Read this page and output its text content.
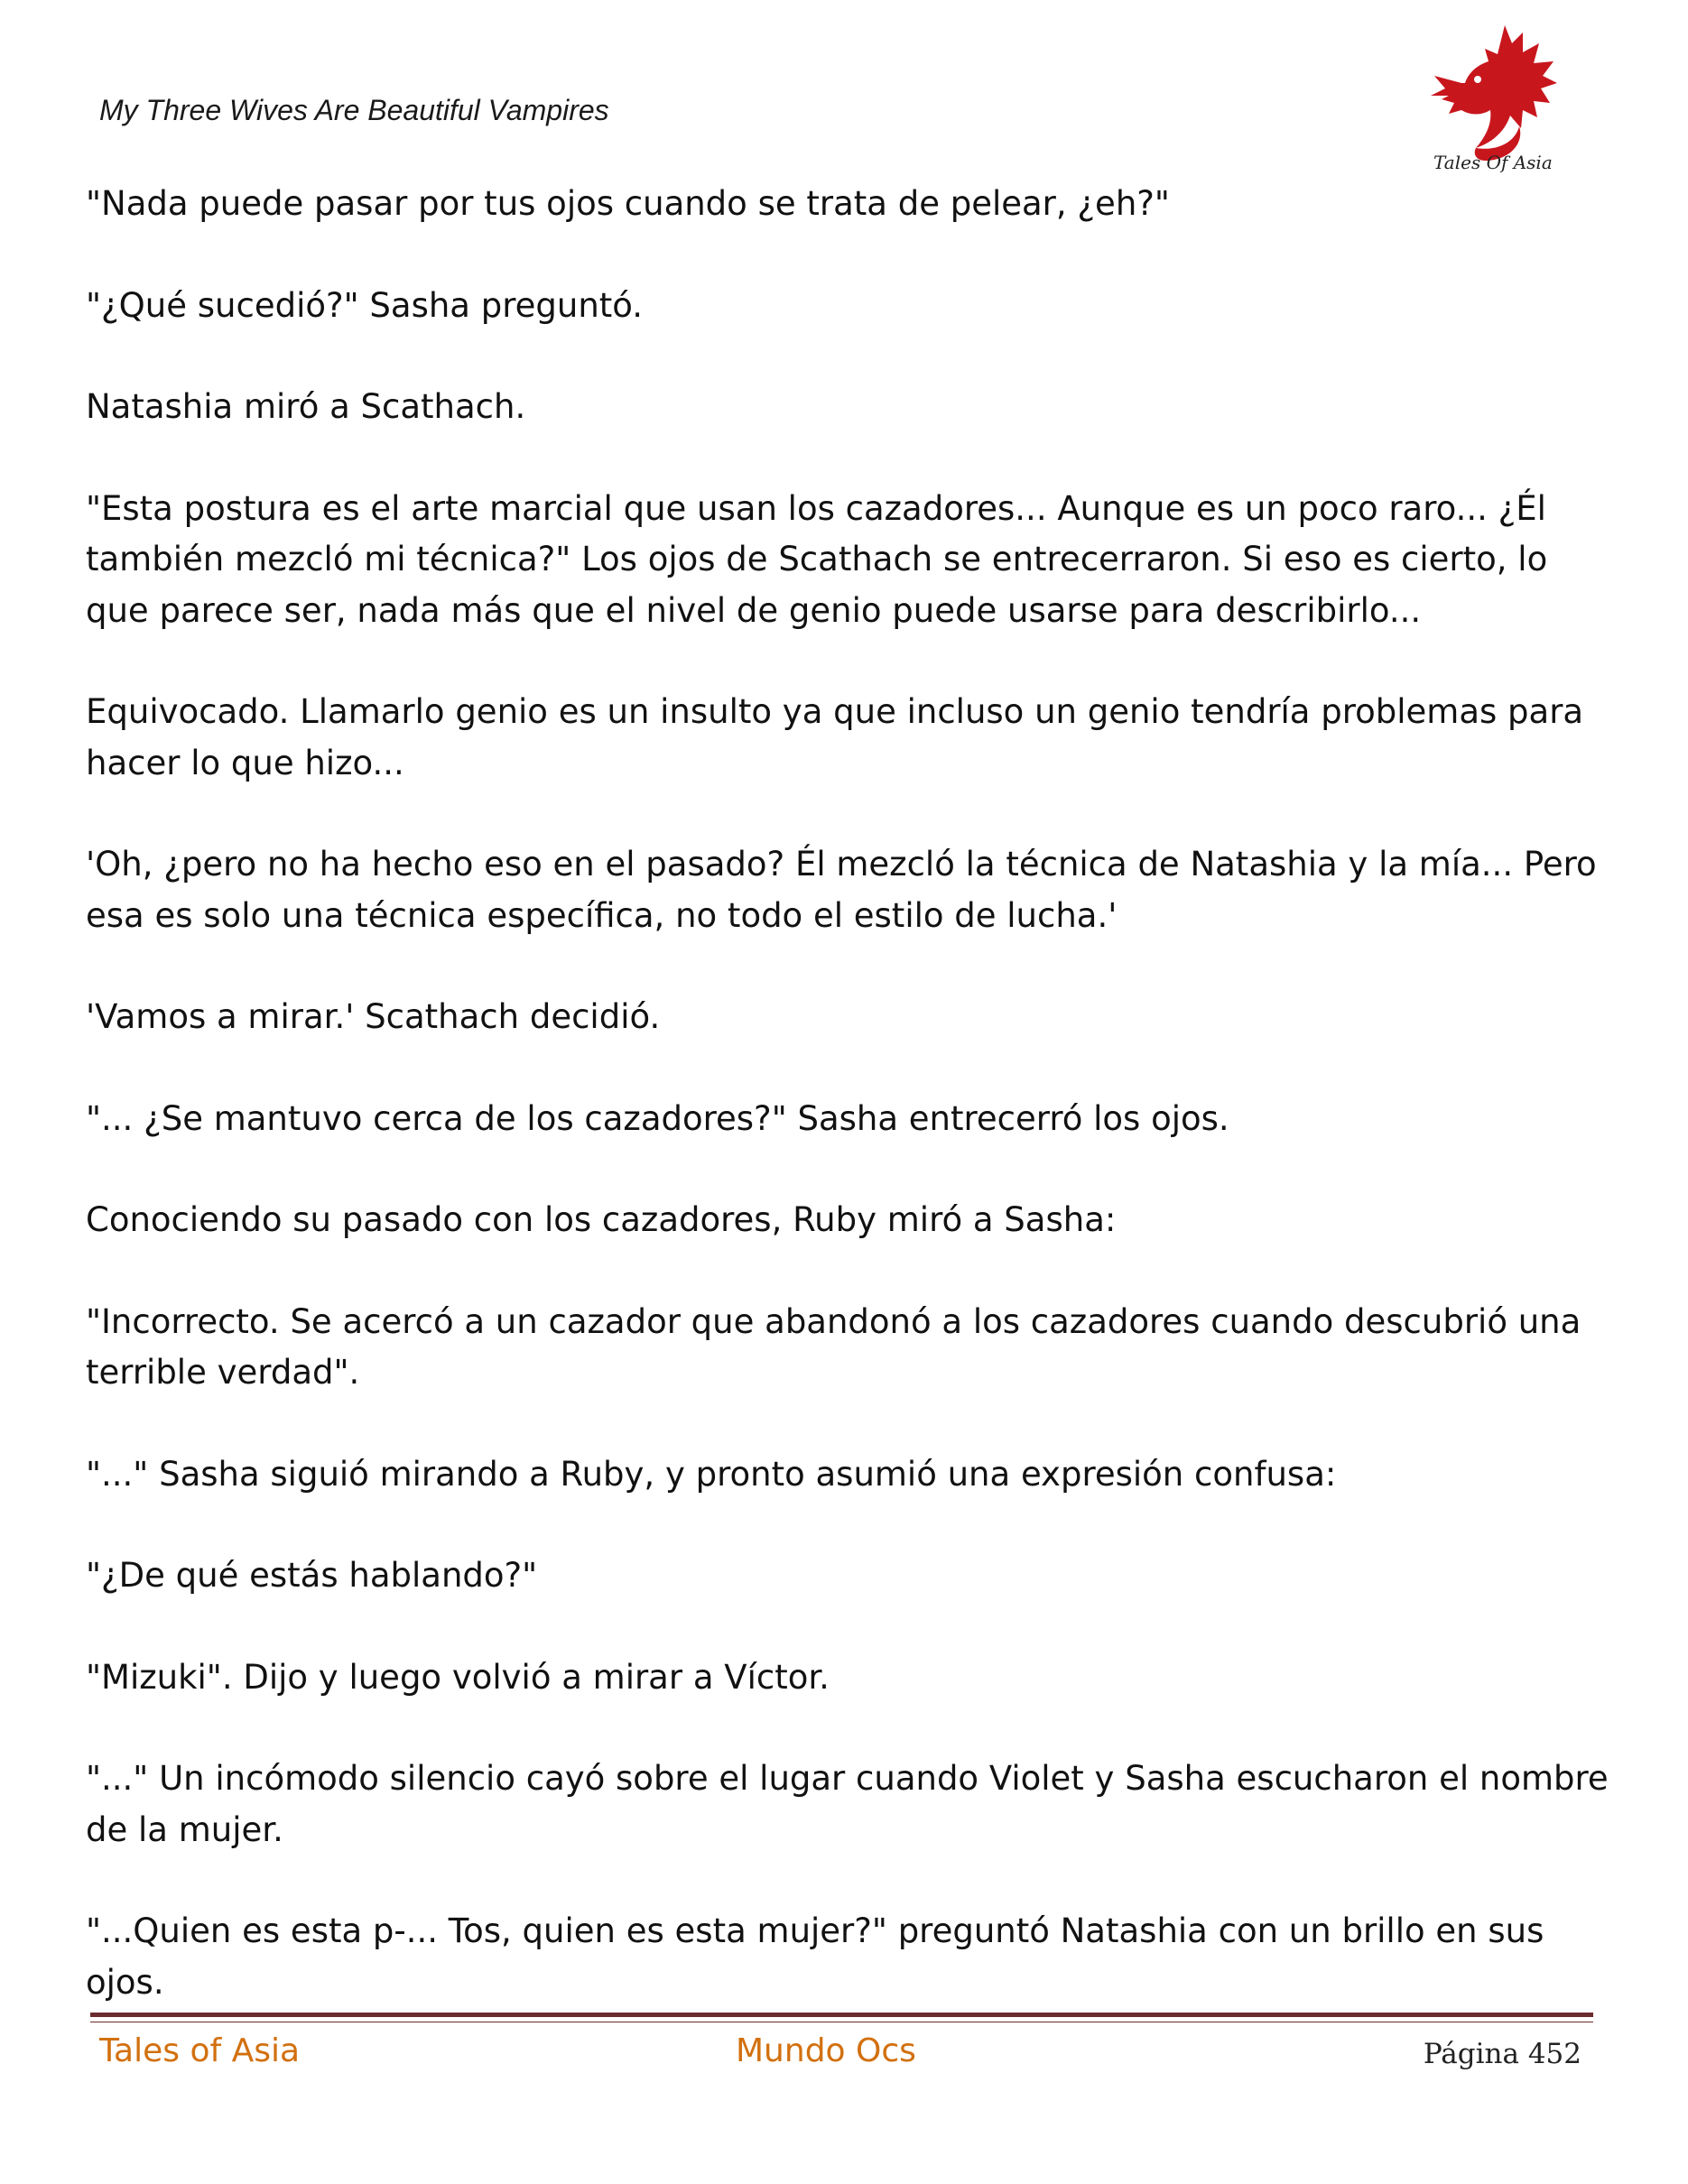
My Three Wives Are Beautiful Vampires
Tales Of Asia

"Nada puede pasar por tus ojos cuando se trata de pelear, ¿eh?"

"¿Qué sucedió?" Sasha preguntó.

Natashia miró a Scathach.

"Esta postura es el arte marcial que usan los cazadores... Aunque es un poco raro... ¿Él también mezcló mi técnica?" Los ojos de Scathach se entrecerraron. Si eso es cierto, lo que parece ser, nada más que el nivel de genio puede usarse para describirlo...

Equivocado. Llamarlo genio es un insulto ya que incluso un genio tendría problemas para hacer lo que hizo...

'Oh, ¿pero no ha hecho eso en el pasado? Él mezcló la técnica de Natashia y la mía... Pero esa es solo una técnica específica, no todo el estilo de lucha.'

'Vamos a mirar.' Scathach decidió.

"... ¿Se mantuvo cerca de los cazadores?" Sasha entrecerró los ojos.

Conociendo su pasado con los cazadores, Ruby miró a Sasha:

"Incorrecto. Se acercó a un cazador que abandonó a los cazadores cuando descubrió una terrible verdad".

"..." Sasha siguió mirando a Ruby, y pronto asumió una expresión confusa:

"¿De qué estás hablando?"

"Mizuki". Dijo y luego volvió a mirar a Víctor.

"..." Un incómodo silencio cayó sobre el lugar cuando Violet y Sasha escucharon el nombre de la mujer.

"...Quien es esta p-... Tos, quien es esta mujer?" preguntó Natashia con un brillo en sus ojos.

Tales of Asia	Mundo Ocs	Página 452
